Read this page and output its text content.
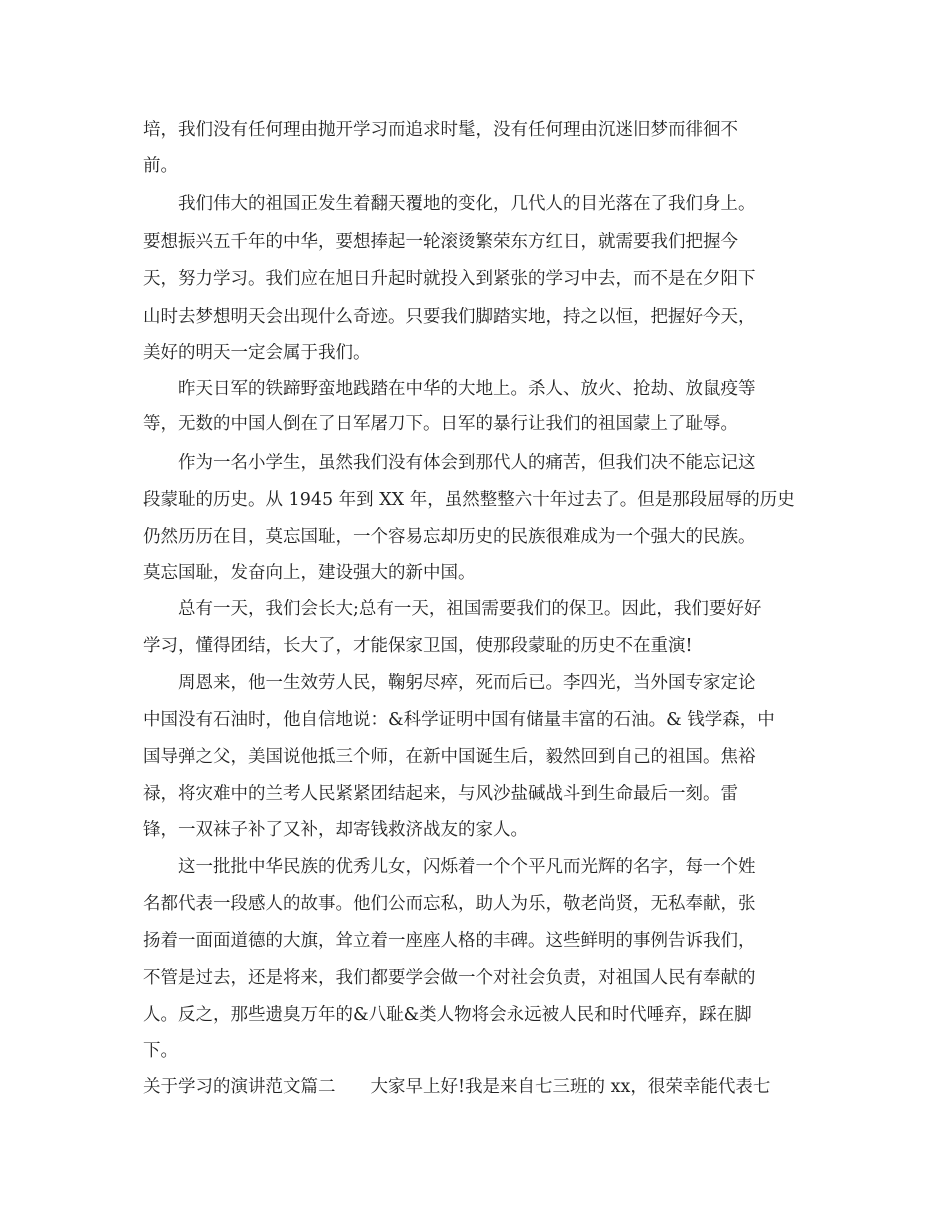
培，我们没有任何理由抛开学习而追求时髦，没有任何理由沉迷旧梦而徘徊不
前。
我们伟大的祖国正发生着翻天覆地的变化，几代人的目光落在了我们身上。
要想振兴五千年的中华，要想捧起一轮滚烫繁荣东方红日，就需要我们把握今
天，努力学习。我们应在旭日升起时就投入到紧张的学习中去，而不是在夕阳下
山时去梦想明天会出现什么奇迹。只要我们脚踏实地，持之以恒，把握好今天，
美好的明天一定会属于我们。
昨天日军的铁蹄野蛮地践踏在中华的大地上。杀人、放火、抢劫、放鼠疫等
等，无数的中国人倒在了日军屠刀下。日军的暴行让我们的祖国蒙上了耻辱。
作为一名小学生，虽然我们没有体会到那代人的痛苦，但我们决不能忘记这
段蒙耻的历史。从 1945 年到 XX 年，虽然整整六十年过去了。但是那段屈辱的历史
仍然历历在目，莫忘国耻，一个容易忘却历史的民族很难成为一个强大的民族。
莫忘国耻，发奋向上，建设强大的新中国。
总有一天，我们会长大;总有一天，祖国需要我们的保卫。因此，我们要好好
学习，懂得团结，长大了，才能保家卫国，使那段蒙耻的历史不在重演!
周恩来，他一生效劳人民，鞠躬尽瘁，死而后已。李四光，当外国专家定论
中国没有石油时，他自信地说：&科学证明中国有储量丰富的石油。& 钱学森，中
国导弹之父，美国说他抵三个师，在新中国诞生后，毅然回到自己的祖国。焦裕
禄，将灾难中的兰考人民紧紧团结起来，与风沙盐碱战斗到生命最后一刻。雷
锋，一双袜子补了又补，却寄钱救济战友的家人。
这一批批中华民族的优秀儿女，闪烁着一个个平凡而光辉的名字，每一个姓
名都代表一段感人的故事。他们公而忘私，助人为乐，敬老尚贤，无私奉献，张
扬着一面面道德的大旗，耸立着一座座人格的丰碑。这些鲜明的事例告诉我们，
不管是过去，还是将来，我们都要学会做一个对社会负责，对祖国人民有奉献的
人。反之，那些遗臭万年的&八耻&类人物将会永远被人民和时代唾弃，踩在脚
下。
关于学习的演讲范文篇二　　大家早上好!我是来自七三班的 xx，很荣幸能代表七
